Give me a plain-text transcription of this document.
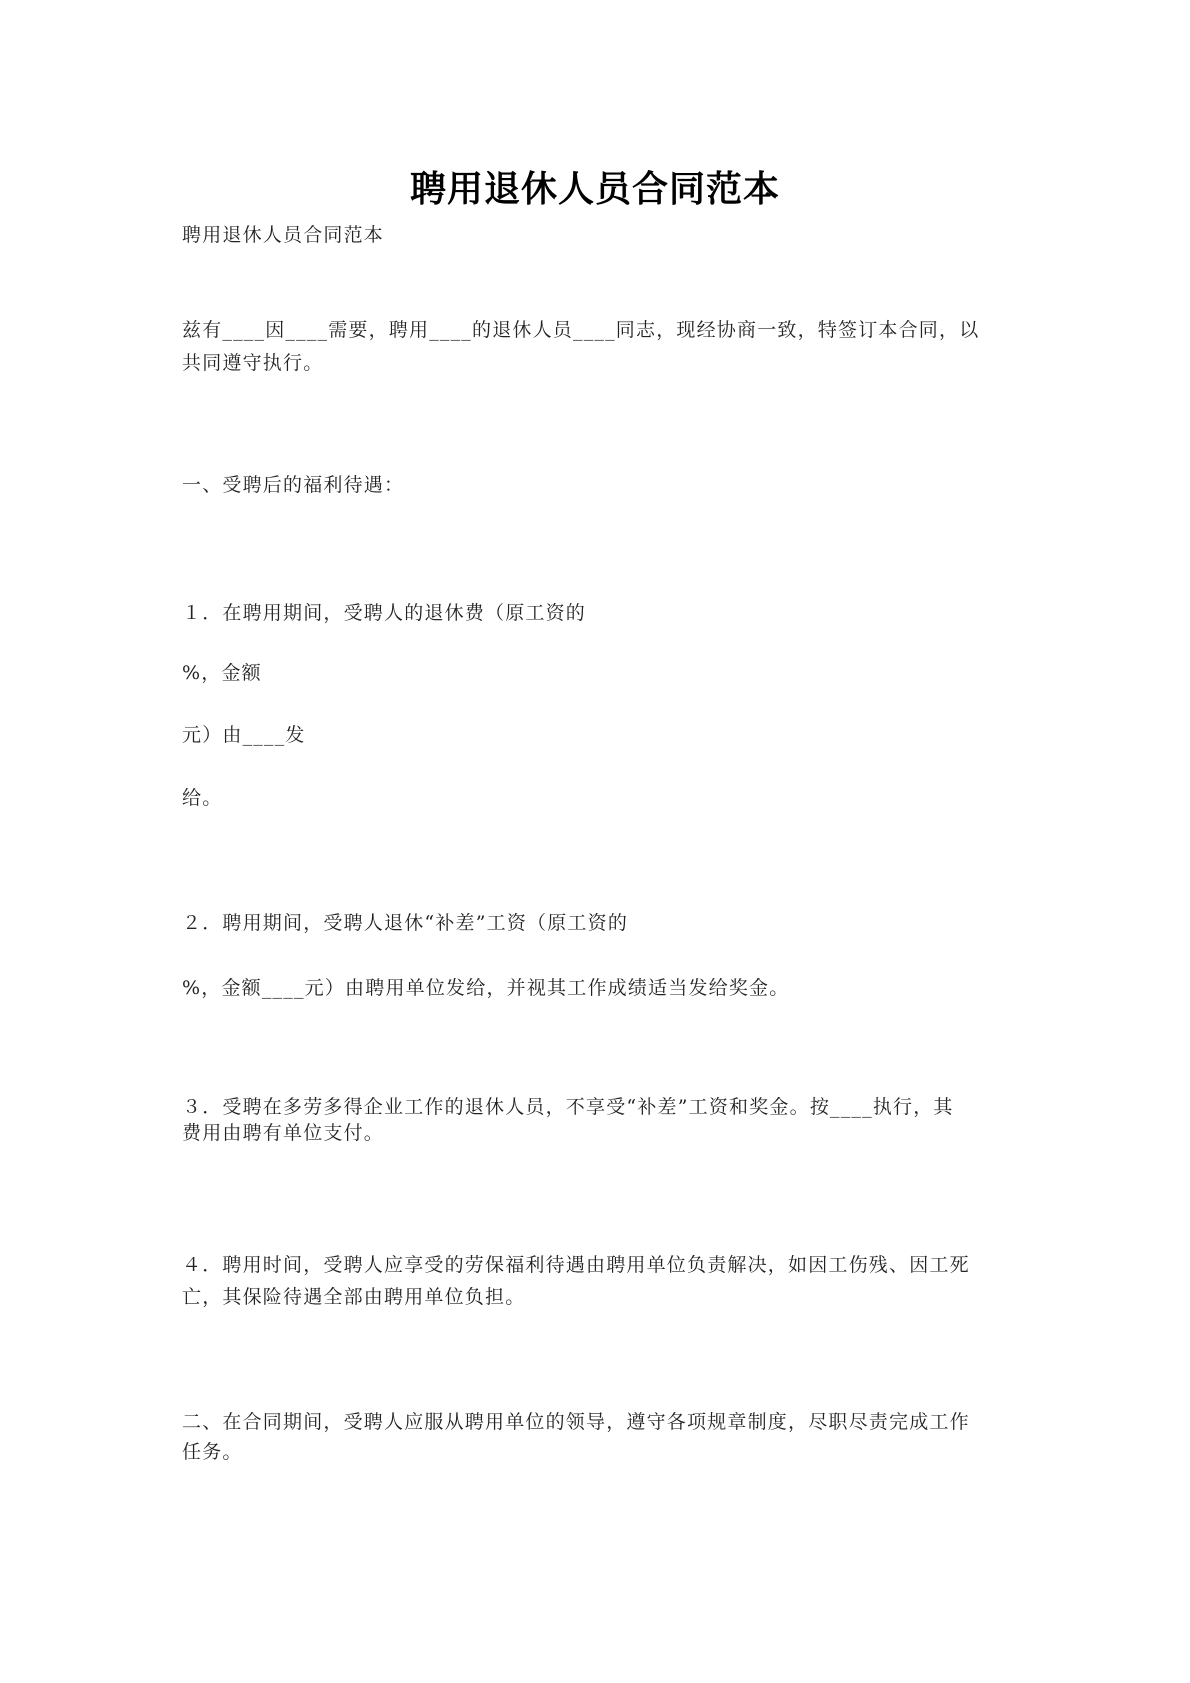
聘用退休人员合同范本
聘用退休人员合同范本
兹有____因____需要，聘用____的退休人员____同志，现经协商一致，特签订本合同，以
共同遵守执行。
一、受聘后的福利待遇：
１．在聘用期间，受聘人的退休费（原工资的
%，金额
元）由____发
给。
２．聘用期间，受聘人退休“补差”工资（原工资的
%，金额____元）由聘用单位发给，并视其工作成绩适当发给奖金。
３．受聘在多劳多得企业工作的退休人员，不享受“补差”工资和奖金。按____执行，其
费用由聘有单位支付。
４．聘用时间，受聘人应享受的劳保福利待遇由聘用单位负责解决，如因工伤残、因工死
亡，其保险待遇全部由聘用单位负担。
二、在合同期间，受聘人应服从聘用单位的领导，遵守各项规章制度，尽职尽责完成工作
任务。
